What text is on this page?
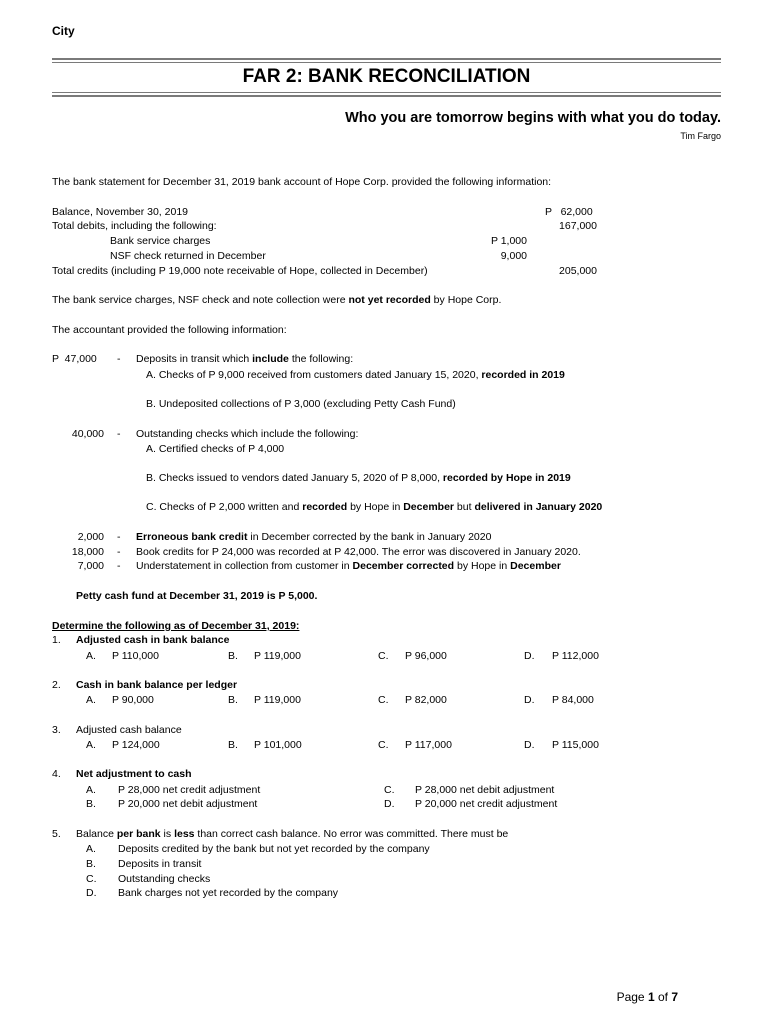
City
FAR 2: BANK RECONCILIATION
Who you are tomorrow begins with what you do today.
Tim Fargo
The bank statement for December 31, 2019 bank account of Hope Corp. provided the following information:
Balance, November 30, 2019	P   62,000
Total debits, including the following:	167,000
Bank service charges	P 1,000
NSF check returned in December	9,000
Total credits (including P 19,000 note receivable of Hope, collected in December)	205,000
The bank service charges, NSF check and note collection were not yet recorded by Hope Corp.
The accountant provided the following information:
P  47,000 - Deposits in transit which include the following:
A. Checks of P 9,000 received from customers dated January 15, 2020, recorded in 2019
B. Undeposited collections of P 3,000 (excluding Petty Cash Fund)
40,000 - Outstanding checks which include the following:
A. Certified checks of P 4,000
B. Checks issued to vendors dated January 5, 2020 of P 8,000, recorded by Hope in 2019
C. Checks of P 2,000 written and recorded by Hope in December but delivered in January 2020
2,000 - Erroneous bank credit in December corrected by the bank in January 2020
18,000 - Book credits for P 24,000 was recorded at P 42,000. The error was discovered in January 2020.
7,000 - Understatement in collection from customer in December corrected by Hope in December
Petty cash fund at December 31, 2019 is P 5,000.
Determine the following as of December 31, 2019:
1. Adjusted cash in bank balance
A. P 110,000	B. P 119,000	C. P 96,000	D. P 112,000
2. Cash in bank balance per ledger
A. P 90,000	B. P 119,000	C. P 82,000	D. P 84,000
3. Adjusted cash balance
A. P 124,000	B. P 101,000	C. P 117,000	D. P 115,000
4. Net adjustment to cash
A. P 28,000 net credit adjustment	C. P 28,000 net debit adjustment
B. P 20,000 net debit adjustment	D. P 20,000 net credit adjustment
5. Balance per bank is less than correct cash balance. No error was committed. There must be
A. Deposits credited by the bank but not yet recorded by the company
B. Deposits in transit
C. Outstanding checks
D. Bank charges not yet recorded by the company
Page 1 of 7
